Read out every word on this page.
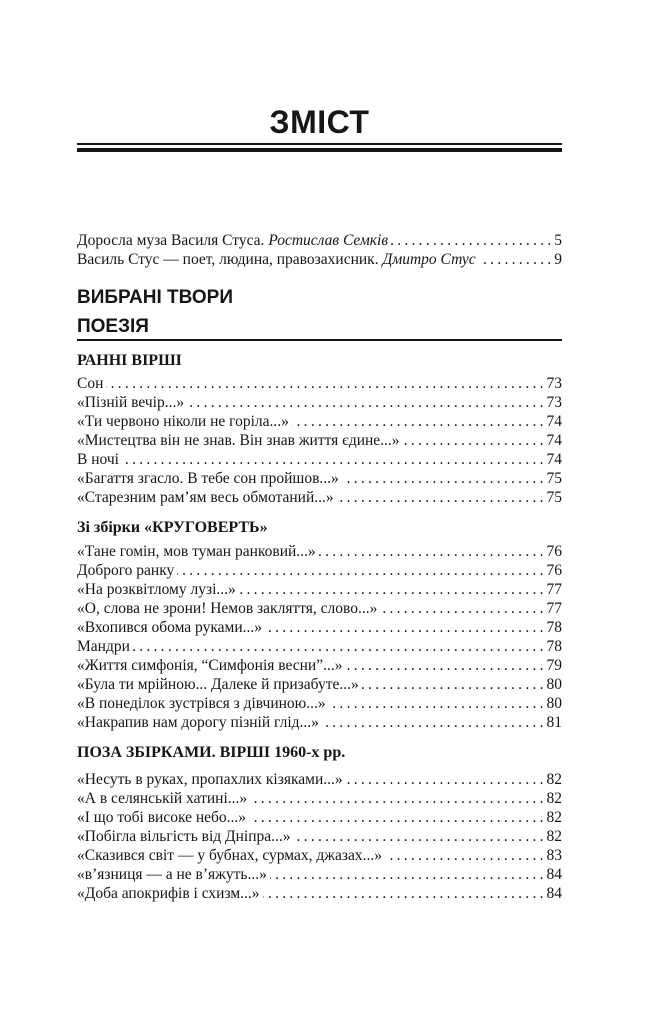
ЗМІСТ
Доросла муза Василя Стуса. Ростислав Семків . . .	5
Василь Стус — поет, людина, правозахисник. Дмитро Стус . . .	9
ВИБРАНІ ТВОРИ
ПОЕЗІЯ
РАННІ ВІРШІ
Сон . . .	73
«Пізній вечір...» . . .	73
«Ти червоно ніколи не горіла...» . . .	74
«Мистецтва він не знав. Він знав життя єдине...» . . .	74
В ночі . . .	74
«Багаття згасло. В тебе сон пройшов...» . . .	75
«Старезним рам’ям весь обмотаний...» . . .	75
Зі збірки «КРУГОВЕРТЬ»
«Тане гомін, мов туман ранковий...» . . .	76
Доброго ранку . . .	76
«На розквітлому лузі...» . . .	77
«О, слова не зрони! Немов закляття, слово...» . . .	77
«Вхопився обома руками...» . . .	78
Мандри . . .	78
«Життя симфонія, “Симфонія весни”...» . . .	79
«Була ти мрійною... Далеке й призабуте...» . . .	80
«В понеділок зустрівся з дівчиною...» . . .	80
«Накрапив нам дорогу пізній глід...» . . .	81
ПОЗА ЗБІРКАМИ. ВІРШІ 1960-х рр.
«Несуть в руках, пропахлих кізяками...» . . .	82
«А в селянській хатині...» . . .	82
«І що тобі високе небо...» . . .	82
«Побігла вільгість від Дніпра...» . . .	82
«Сказився світ — у бубнах, сурмах, джазах...» . . .	83
«в’язниця — а не в’яжуть...» . . .	84
«Доба апокрифів і схизм...» . . .	84
